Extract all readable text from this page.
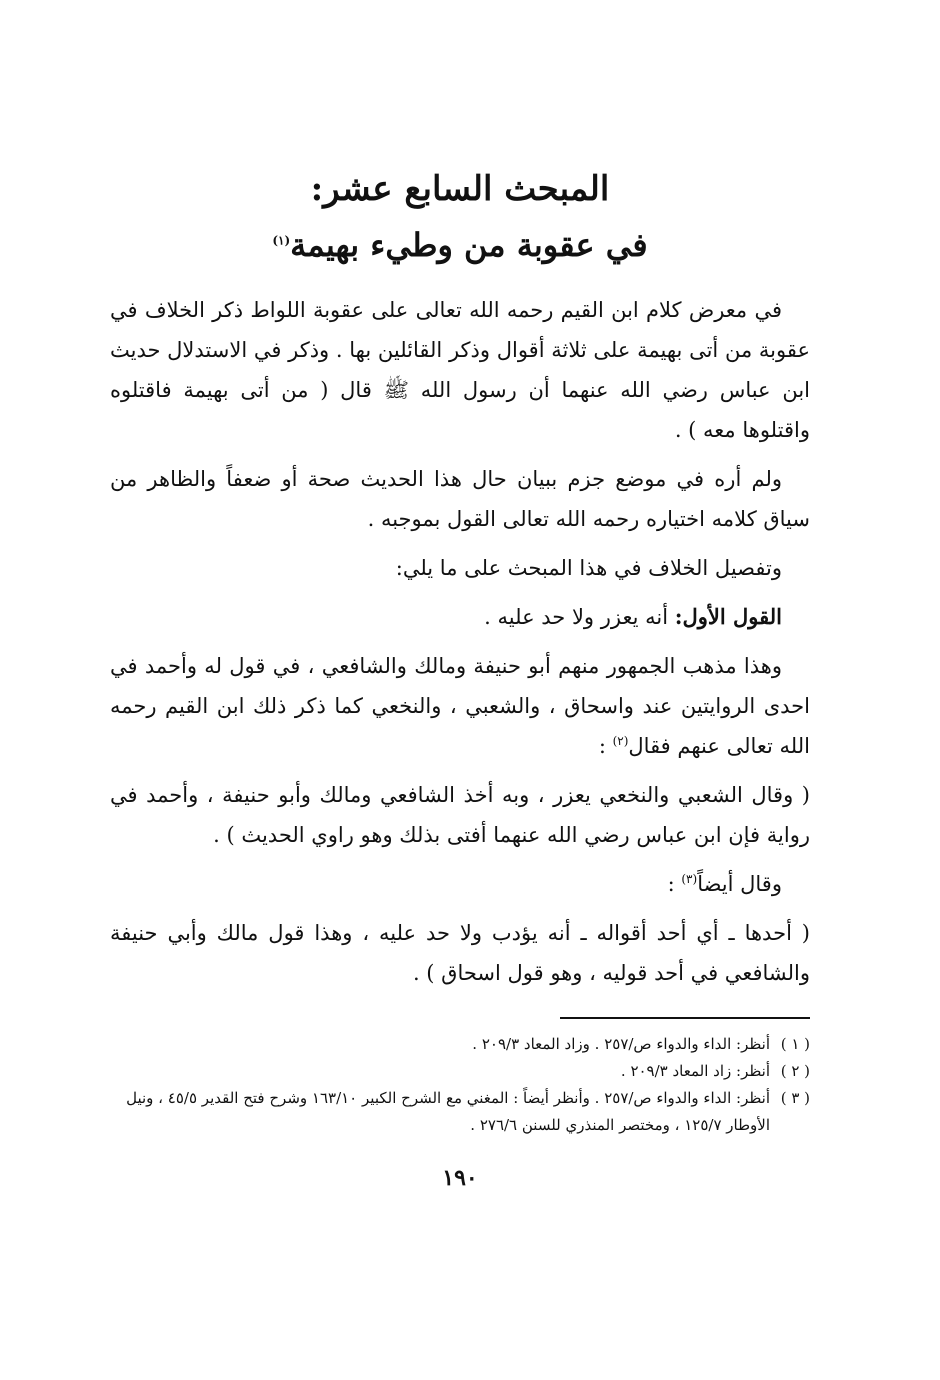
المبحث السابع عشر:
في عقوبة من وطيء بهيمة$^{(١)}$

في معرض كلام ابن القيم رحمه الله تعالى على عقوبة اللواط ذكر الخلاف في عقوبة من أتى بهيمة على ثلاثة أقوال وذكر القائلين بها . وذكر في الاستدلال حديث ابن عباس رضي الله عنهما أن رسول الله ﷺ قال ( من أتى بهيمة فاقتلوه واقتلوها معه ) .

ولم أره في موضع جزم ببيان حال هذا الحديث صحة أو ضعفاً والظاهر من سياق كلامه اختياره رحمه الله تعالى القول بموجبه .

وتفصيل الخلاف في هذا المبحث على ما يلي:

القول الأول: أنه يعزر ولا حد عليه .

وهذا مذهب الجمهور منهم أبو حنيفة ومالك والشافعي ، في قول له وأحمد في احدى الروايتين عند واسحاق ، والشعبي ، والنخعي كما ذكر ذلك ابن القيم رحمه الله تعالى عنهم فقال$^{(٢)}$ :

( وقال الشعبي والنخعي يعزر ، وبه أخذ الشافعي ومالك وأبو حنيفة ، وأحمد في رواية فإن ابن عباس رضي الله عنهما أفتى بذلك وهو راوي الحديث ) .

وقال أيضاً$^{(٣)}$ :

( أحدها ـ أي أحد أقواله ـ أنه يؤدب ولا حد عليه ، وهذا قول مالك وأبي حنيفة والشافعي في أحد قوليه ، وهو قول اسحاق ) .

( ١ )
أنظر: الداء والدواء ص/٢٥٧ . وزاد المعاد ٢٠٩/٣ .
( ٢ )
أنظر: زاد المعاد ٢٠٩/٣ .
( ٣ )
أنظر: الداء والدواء ص/٢٥٧ . وأنظر أيضاً : المغني مع الشرح الكبير ١٦٣/١٠ وشرح فتح القدير ٤٥/٥ ، ونيل الأوطار ١٢٥/٧ ، ومختصر المنذري للسنن ٢٧٦/٦ .
١٩٠
